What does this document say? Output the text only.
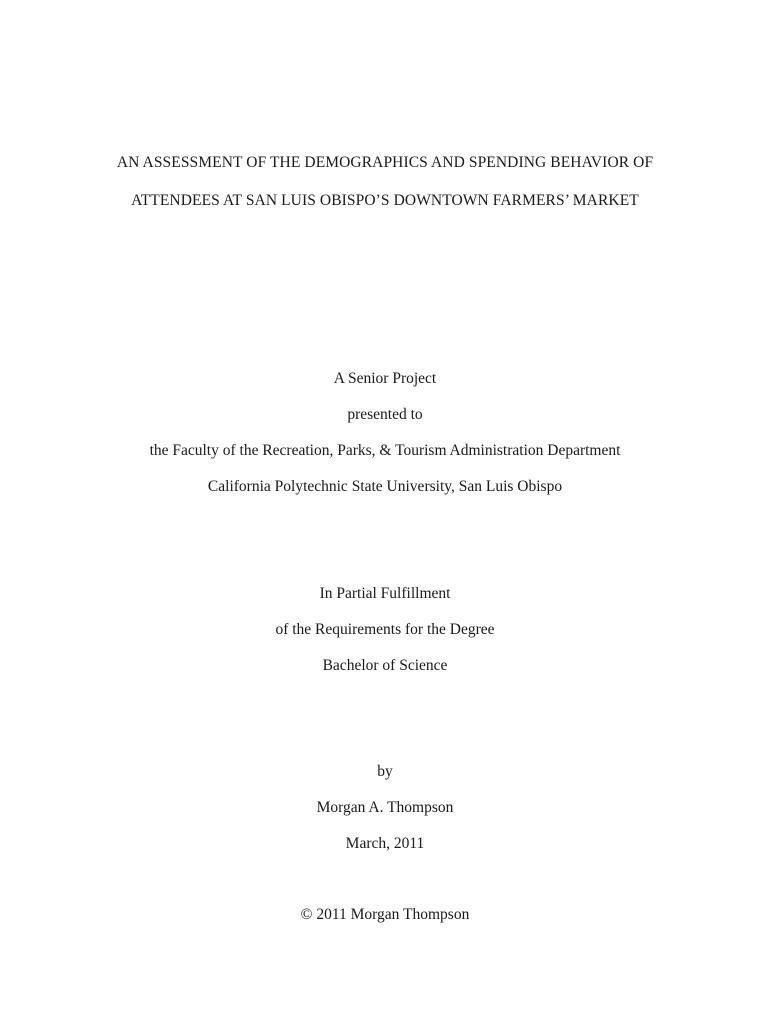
AN ASSESSMENT OF THE DEMOGRAPHICS AND SPENDING BEHAVIOR OF
ATTENDEES AT SAN LUIS OBISPO’S DOWNTOWN FARMERS’ MARKET
A Senior Project
presented to
the Faculty of the Recreation, Parks, & Tourism Administration Department
California Polytechnic State University, San Luis Obispo
In Partial Fulfillment
of the Requirements for the Degree
Bachelor of Science
by
Morgan A. Thompson
March, 2011
© 2011 Morgan Thompson
